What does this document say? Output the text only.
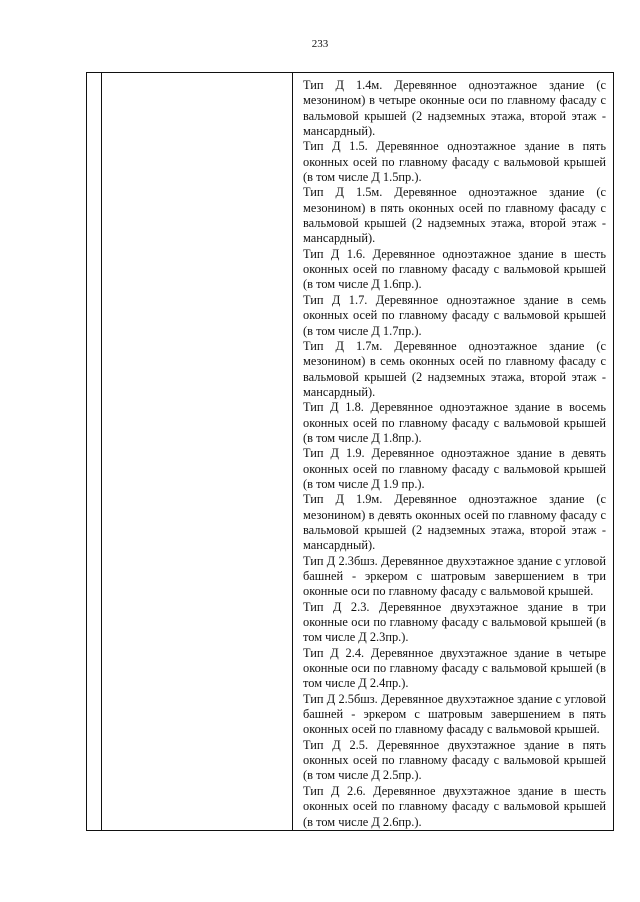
233

Тип Д 1.4м. Деревянное одноэтажное здание (с мезонином) в четыре оконные оси по главному фасаду с вальмовой крышей (2 надземных этажа, второй этаж - мансардный).

Тип Д 1.5. Деревянное одноэтажное здание в пять оконных осей по главному фасаду с вальмовой крышей (в том числе Д 1.5пр.).

Тип Д 1.5м. Деревянное одноэтажное здание (с мезонином) в пять оконных осей по главному фасаду с вальмовой крышей (2 надземных этажа, второй этаж - мансардный).

Тип Д 1.6. Деревянное одноэтажное здание в шесть оконных осей по главному фасаду с вальмовой крышей (в том числе Д 1.6пр.).

Тип Д 1.7. Деревянное одноэтажное здание в семь оконных осей по главному фасаду с вальмовой крышей (в том числе Д 1.7пр.).

Тип Д 1.7м. Деревянное одноэтажное здание (с мезонином) в семь оконных осей по главному фасаду с вальмовой крышей (2 надземных этажа, второй этаж - мансардный).

Тип Д 1.8. Деревянное одноэтажное здание в восемь оконных осей по главному фасаду с вальмовой крышей (в том числе Д 1.8пр.).

Тип Д 1.9. Деревянное одноэтажное здание в девять оконных осей по главному фасаду с вальмовой крышей (в том числе Д 1.9 пр.).

Тип Д 1.9м. Деревянное одноэтажное здание (с мезонином) в девять оконных осей по главному фасаду с вальмовой крышей (2 надземных этажа, второй этаж - мансардный).

Тип Д 2.3бшз. Деревянное двухэтажное здание с угловой башней - эркером с шатровым завершением в три оконные оси по главному фасаду с вальмовой крышей.

Тип Д 2.3. Деревянное двухэтажное здание в три оконные оси по главному фасаду с вальмовой крышей (в том числе Д 2.3пр.).

Тип Д 2.4. Деревянное двухэтажное здание в четыре оконные оси по главному фасаду с вальмовой крышей (в том числе Д 2.4пр.).

Тип Д 2.5бшз. Деревянное двухэтажное здание с угловой башней - эркером с шатровым завершением в пять оконных осей по главному фасаду с вальмовой крышей.

Тип Д 2.5. Деревянное двухэтажное здание в пять оконных осей по главному фасаду с вальмовой крышей (в том числе Д 2.5пр.).

Тип Д 2.6. Деревянное двухэтажное здание в шесть оконных осей по главному фасаду с вальмовой крышей (в том числе Д 2.6пр.).
